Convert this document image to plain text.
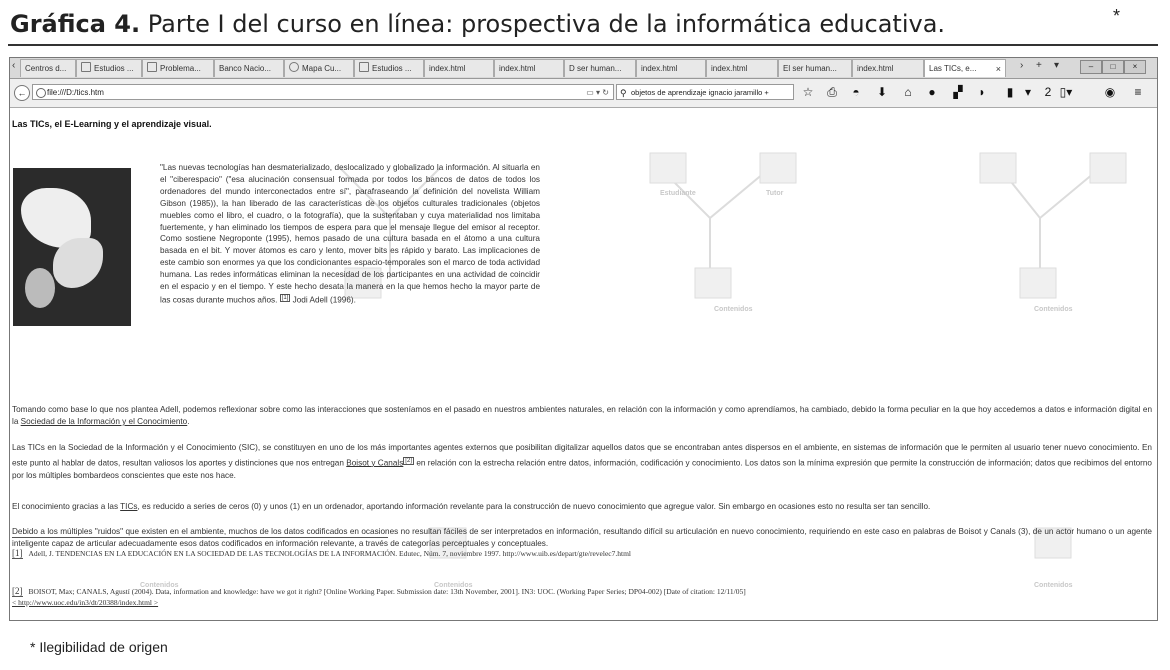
Gráfica 4. Parte I del curso en línea: prospectiva de la informática educativa.	*
‹	Centros d...	Estudios ...	Problema...	Banco Nacio...	Mapa Cu...	Estudios ...	index.html	index.html	D ser human...	index.html	index.html	El ser human...	index.html	Las TICs, e... × › + ▾	–	□	×
←	file:///D:/tics.htm	▭ ▾ ↻ ⚲ objetos de aprendizaje ignacio jaramillo +	☆ ⎙	◓	⬇	⌂	●	▞	◗	▮ ▾	2 ▯▾	◉	≡
Estudiante	Tutor
Contenidos	Contenidos
Contenidos	Contenidos	Contenidos
Las TICs, el E-Learning y el aprendizaje visual.
"Las nuevas tecnologías han desmaterializado, deslocalizado y globalizado la información. Al situarla en el "ciberespacio" ("esa alucinación consensual formada por todos los bancos de datos de todos los ordenadores del mundo interconectados entre sí", parafraseando la definición del novelista William Gibson (1985)), la han liberado de las características de los objetos culturales tradicionales (objetos muebles como el libro, el cuadro, o la fotografía), que la sustentaban y cuya materialidad nos limitaba fuertemente, y han eliminado los tiempos de espera para que el mensaje llegue del emisor al receptor. Como sostiene Negroponte (1995), hemos pasado de una cultura basada en el átomo a una cultura basada en el bit. Y mover átomos es caro y lento, mover bits es rápido y barato. Las implicaciones de este cambio son enormes ya que los condicionantes espacio-temporales son el marco de toda actividad humana. Las redes informáticas eliminan la necesidad de los participantes en una actividad de coincidir en el espacio y en el tiempo. Y este hecho desata la manera en la que hemos hecho la mayor parte de las cosas durante muchos años. [1] Jodi Adell (1996).
Tomando como base lo que nos plantea Adell, podemos reflexionar sobre como las interacciones que sosteníamos en el pasado en nuestros ambientes naturales, en relación con la información y como aprendíamos, ha cambiado, debido la forma peculiar en la que hoy accedemos a datos e información digital en la Sociedad de la Información y el Conocimiento.
Las TICs en la Sociedad de la Información y el Conocimiento (SIC), se constituyen en uno de los más importantes agentes externos que posibilitan digitalizar aquellos datos que se encontraban antes dispersos en el ambiente, en sistemas de información que le permiten al usuario tener nuevo conocimiento. En este punto al hablar de datos, resultan valiosos los aportes y distinciones que nos entregan Boisot y Canals [2] en relación con la estrecha relación entre datos, información, codificación y conocimiento. Los datos son la mínima expresión que permite la construcción de información; datos que recibimos del entorno por los múltiples bombardeos conscientes que este nos hace.
El conocimiento gracias a las TICs, es reducido a series de ceros (0) y unos (1) en un ordenador, aportando información revelante para la construcción de nuevo conocimiento que agregue valor. Sin embargo en ocasiones esto no resulta ser tan sencillo.
Debido a los múltiples "ruidos" que existen en el ambiente, muchos de los datos codificados en ocasiones no resultan fáciles de ser interpretados en información, resultando difícil su articulación en nuevo conocimiento, requiriendo en este caso en palabras de Boisot y Canals (3), de un actor humano o un agente inteligente capaz de articular adecuadamente esos datos codificados en información relevante, a través de categorías perceptuales y conceptuales.
[1] Adell, J. TENDENCIAS EN LA EDUCACIÓN EN LA SOCIEDAD DE LAS TECNOLOGÍAS DE LA INFORMACIÓN. Edutec, Núm. 7, noviembre 1997. http://www.uib.es/depart/gte/revelec7.html
[2] BOISOT, Max; CANALS, Agustí (2004). Data, information and knowledge: have we got it right? [Online Working Paper. Submission date: 13th November, 2001]. IN3: UOC. (Working Paper Series; DP04-002) [Date of citation: 12/11/05]
< http://www.uoc.edu/in3/dt/20388/index.html >
* Ilegibilidad de origen
